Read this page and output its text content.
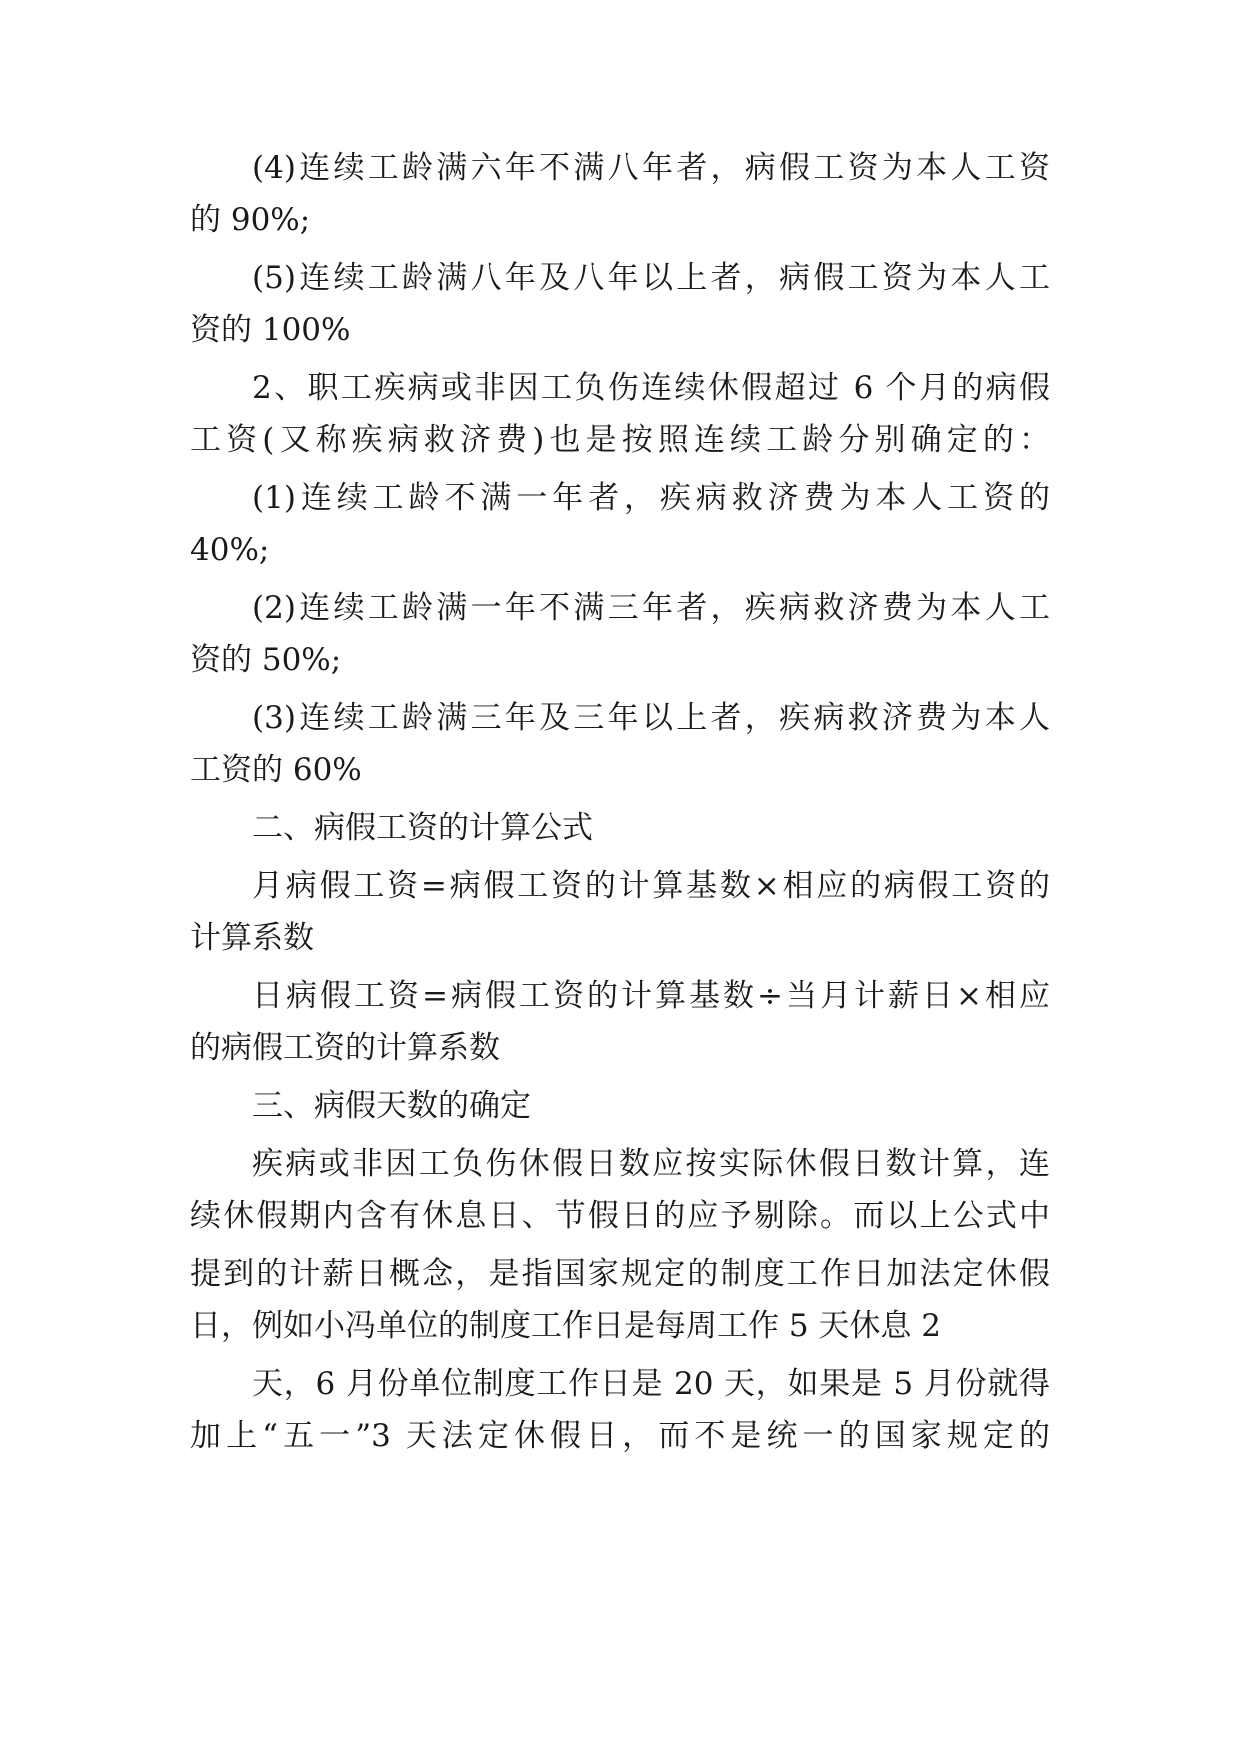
(4)连续工龄满六年不满八年者，病假工资为本人工资
的 90%;
(5)连续工龄满八年及八年以上者，病假工资为本人工
资的 100%
2、职工疾病或非因工负伤连续休假超过 6 个月的病假
工资(又称疾病救济费)也是按照连续工龄分别确定的：
(1)连续工龄不满一年者，疾病救济费为本人工资的
40%;
(2)连续工龄满一年不满三年者，疾病救济费为本人工
资的 50%;
(3)连续工龄满三年及三年以上者，疾病救济费为本人
工资的 60%
二、病假工资的计算公式
月病假工资=病假工资的计算基数×相应的病假工资的
计算系数
日病假工资=病假工资的计算基数÷当月计薪日×相应
的病假工资的计算系数
三、病假天数的确定
疾病或非因工负伤休假日数应按实际休假日数计算，连
续休假期内含有休息日、节假日的应予剔除。而以上公式中
提到的计薪日概念，是指国家规定的制度工作日加法定休假
日，例如小冯单位的制度工作日是每周工作 5 天休息 2
天，6 月份单位制度工作日是 20 天，如果是 5 月份就得
加上“五一”3 天法定休假日，而不是统一的国家规定的
